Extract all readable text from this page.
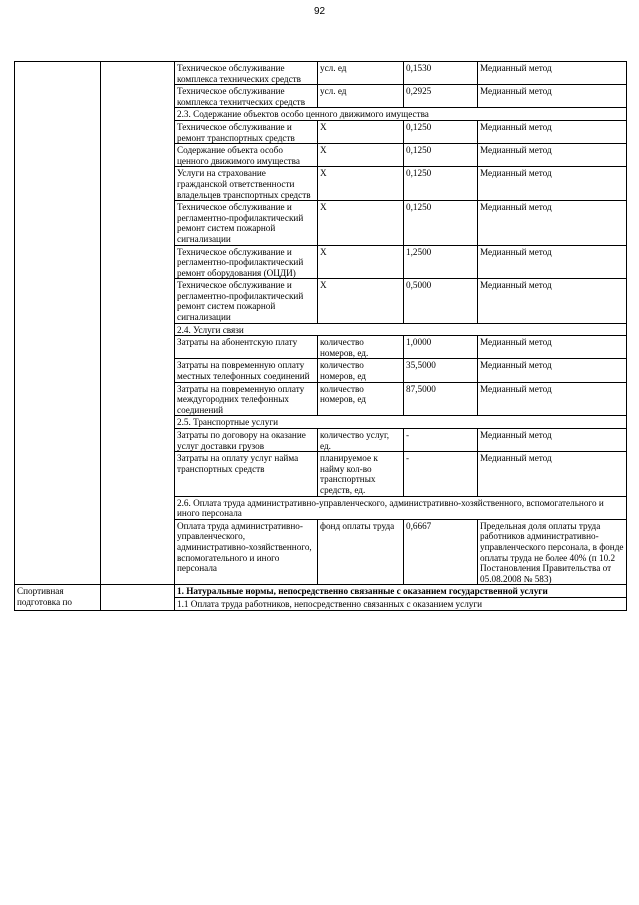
92
		Техническое обслуживание комплекса технических средств	усл. ед	0,1530	Медианный метод
		Техническое обслуживание комплекса технитческих средств	усл. ед	0,2925	Медианный метод
		2.3. Содержание объектов особо ценного движимого имущества			
		Техническое обслуживание и ремонт транспортных средств	X	0,1250	Медианный метод
		Содержание объекта особо ценного движимого имущества	X	0,1250	Медианный метод
		Услуги на страхование гражданской ответственности владельцев транспортных средств	X	0,1250	Медианный метод
		Техническое обслуживание и регламентно-профилактический ремонт систем пожарной сигнализации	X	0,1250	Медианный метод
		Техническое обслуживание и регламентно-профилактический ремонт оборудования (ОЦДИ)	X	1,2500	Медианный метод
		Техническое обслуживание и регламентно-профилактический ремонт систем пожарной сигнализации	X	0,5000	Медианный метод
		2.4. Услуги связи			
		Затраты на абонентскую плату	количество номеров, ед.	1,0000	Медианный метод
		Затраты на повременную оплату местных телефонных соединений	количество номеров, ед	35,5000	Медианный метод
		Затраты на повременную оплату междугородних телефонных соединений	количество номеров, ед	87,5000	Медианный метод
		2.5. Транспортные услуги			
		Затраты по договору на оказание услуг доставки грузов	количество услуг, ед.	-	Медианный метод
		Затраты на оплату услуг найма транспортных средств	планируемое к найму кол-во транспортных средств, ед.	-	Медианный метод
		2.6. Оплата труда административно-управленческого, административно-хозяйственного, вспомогательного и иного персонала			
		Оплата труда административно-управленческого, административно-хозяйственного, вспомогательного и иного персонала	фонд оплаты труда	0,6667	Предельная доля оплаты труда работников административно-управленческого персонала, в фонде оплаты труда не более 40% (п 10.2 Постановления Правительства от 05.08.2008 № 583)
Спортивная подготовка по		1. Натуральные нормы, непосредственно связанные с оказанием государственной услуги			
		1.1 Оплата труда работников, непосредственно связанных с оказанием услуги			
